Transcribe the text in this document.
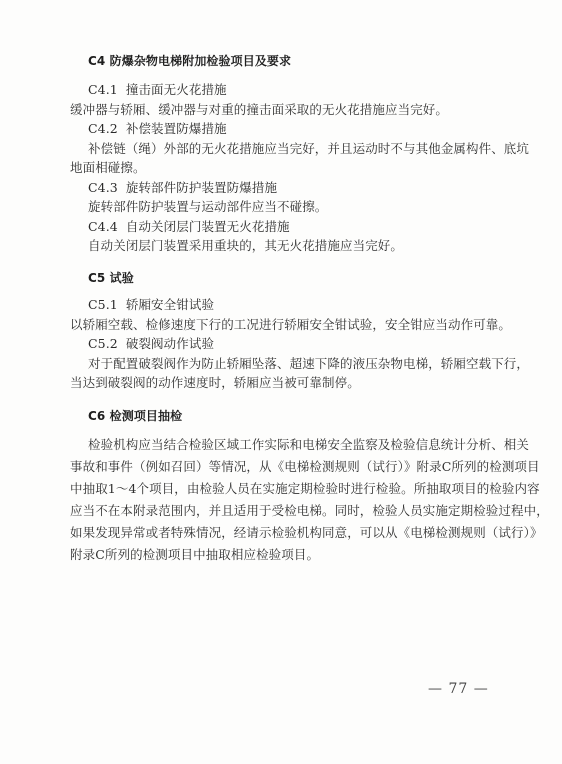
C4 防爆杂物电梯附加检验项目及要求
C4.1 撞击面无火花措施
缓冲器与轿厢、缓冲器与对重的撞击面采取的无火花措施应当完好。
C4.2 补偿装置防爆措施
补偿链（绳）外部的无火花措施应当完好，并且运动时不与其他金属构件、底坑
地面相碰擦。
C4.3 旋转部件防护装置防爆措施
旋转部件防护装置与运动部件应当不碰擦。
C4.4 自动关闭层门装置无火花措施
自动关闭层门装置采用重块的，其无火花措施应当完好。
C5 试验
C5.1 轿厢安全钳试验
以轿厢空载、检修速度下行的工况进行轿厢安全钳试验，安全钳应当动作可靠。
C5.2 破裂阀动作试验
对于配置破裂阀作为防止轿厢坠落、超速下降的液压杂物电梯，轿厢空载下行，
当达到破裂阀的动作速度时，轿厢应当被可靠制停。
C6 检测项目抽检
检验机构应当结合检验区域工作实际和电梯安全监察及检验信息统计分析、相关
事故和事件（例如召回）等情况，从《电梯检测规则（试行）》附录C所列的检测项目
中抽取1～4个项目，由检验人员在实施定期检验时进行检验。所抽取项目的检验内容
应当不在本附录范围内，并且适用于受检电梯。同时，检验人员实施定期检验过程中，
如果发现异常或者特殊情况，经请示检验机构同意，可以从《电梯检测规则（试行）》
附录C所列的检测项目中抽取相应检验项目。
— 77 —
